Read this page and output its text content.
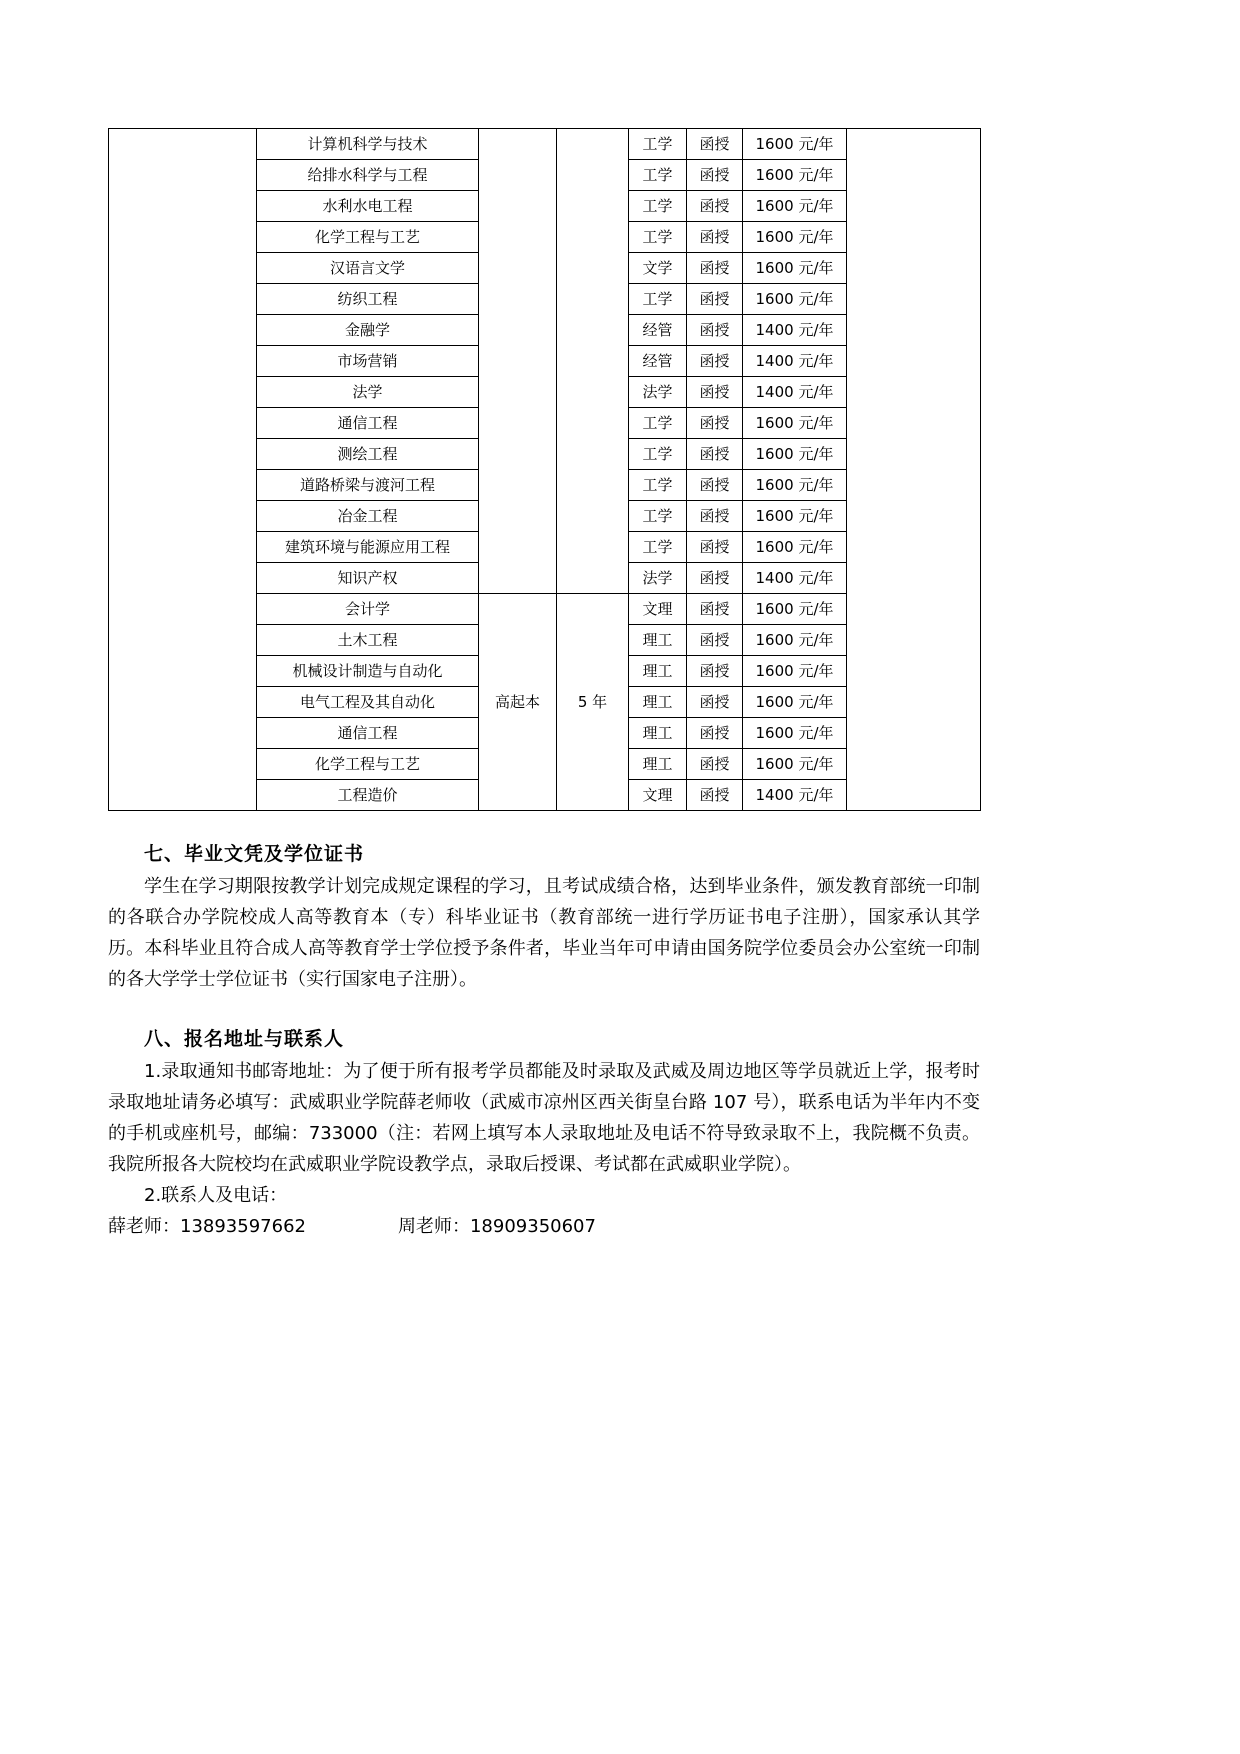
	计算机科学与技术			工学	函授	1600 元/年	
	给排水科学与工程			工学	函授	1600 元/年	
	水利水电工程			工学	函授	1600 元/年	
	化学工程与工艺			工学	函授	1600 元/年	
	汉语言文学			文学	函授	1600 元/年	
	纺织工程			工学	函授	1600 元/年	
	金融学			经管	函授	1400 元/年	
	市场营销			经管	函授	1400 元/年	
	法学			法学	函授	1400 元/年	
	通信工程			工学	函授	1600 元/年	
	测绘工程			工学	函授	1600 元/年	
	道路桥梁与渡河工程			工学	函授	1600 元/年	
	冶金工程			工学	函授	1600 元/年	
	建筑环境与能源应用工程			工学	函授	1600 元/年	
	知识产权			法学	函授	1400 元/年	
	会计学	高起本	5 年	文理	函授	1600 元/年	
	土木工程			理工	函授	1600 元/年	
	机械设计制造与自动化			理工	函授	1600 元/年	
	电气工程及其自动化			理工	函授	1600 元/年	
	通信工程			理工	函授	1600 元/年	
	化学工程与工艺			理工	函授	1600 元/年	
	工程造价			文理	函授	1400 元/年	
七、毕业文凭及学位证书

学生在学习期限按教学计划完成规定课程的学习，且考试成绩合格，达到毕业条件，颁发教育部统一印制的各联合办学院校成人高等教育本（专）科毕业证书（教育部统一进行学历证书电子注册），国家承认其学历。本科毕业且符合成人高等教育学士学位授予条件者，毕业当年可申请由国务院学位委员会办公室统一印制的各大学学士学位证书（实行国家电子注册）。

八、报名地址与联系人

1.录取通知书邮寄地址：为了便于所有报考学员都能及时录取及武威及周边地区等学员就近上学，报考时录取地址请务必填写：武威职业学院薛老师收（武威市凉州区西关街皇台路 107 号），联系电话为半年内不变的手机或座机号，邮编：733000（注：若网上填写本人录取地址及电话不符导致录取不上，我院概不负责。我院所报各大院校均在武威职业学院设教学点，录取后授课、考试都在武威职业学院）。

2.联系人及电话：

薛老师：13893597662	周老师：18909350607
